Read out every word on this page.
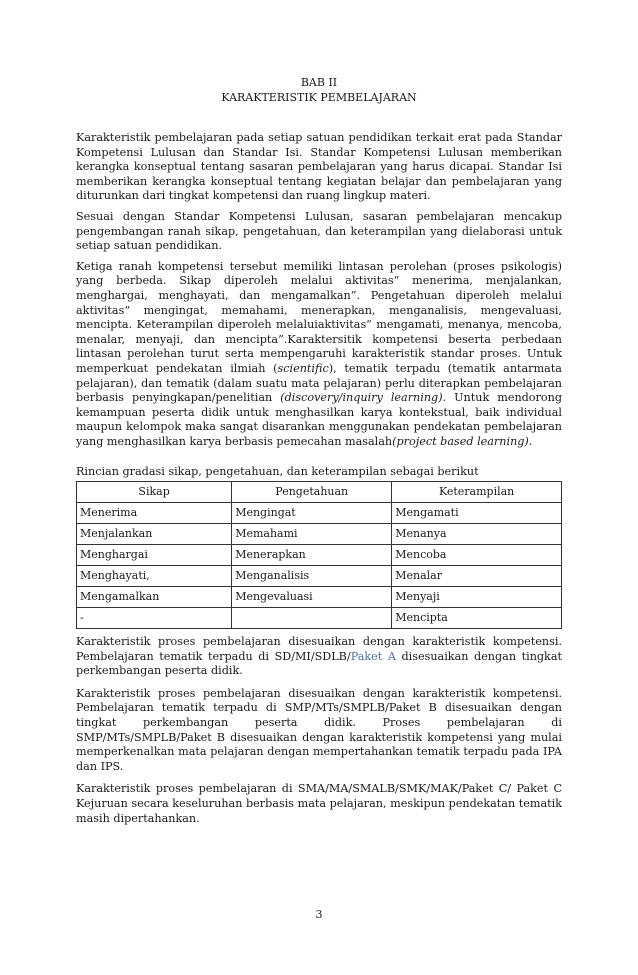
BAB II
KARAKTERISTIK PEMBELAJARAN

Karakteristik pembelajaran pada setiap satuan pendidikan terkait erat pada Standar Kompetensi Lulusan dan Standar Isi. Standar Kompetensi Lulusan memberikan kerangka konseptual tentang sasaran pembelajaran yang harus dicapai. Standar Isi memberikan kerangka konseptual tentang kegiatan belajar dan pembelajaran yang diturunkan dari tingkat kompetensi dan ruang lingkup materi.

Sesuai dengan Standar Kompetensi Lulusan, sasaran pembelajaran mencakup pengembangan ranah sikap, pengetahuan, dan keterampilan yang dielaborasi untuk setiap satuan pendidikan.

Ketiga ranah kompetensi tersebut memiliki lintasan perolehan (proses psikologis) yang berbeda. Sikap diperoleh melalui aktivitas“ menerima, menjalankan, menghargai, menghayati, dan mengamalkan”. Pengetahuan diperoleh melalui aktivitas“ mengingat, memahami, menerapkan, menganalisis, mengevaluasi, mencipta. Keterampilan diperoleh melaluiaktivitas“ mengamati, menanya, mencoba, menalar, menyaji, dan mencipta”.Karaktersitik kompetensi beserta perbedaan lintasan perolehan turut serta mempengaruhi karakteristik standar proses. Untuk memperkuat pendekatan ilmiah (scientific), tematik terpadu (tematik antarmata pelajaran), dan tematik (dalam suatu mata pelajaran) perlu diterapkan pembelajaran berbasis penyingkapan/penelitian (discovery/inquiry learning). Untuk mendorong kemampuan peserta didik untuk menghasilkan karya kontekstual, baik individual maupun kelompok maka sangat disarankan menggunakan pendekatan pembelajaran yang menghasilkan karya berbasis pemecahan masalah(project based learning).

Rincian gradasi sikap, pengetahuan, dan keterampilan sebagai berikut
Sikap	Pengetahuan	Keterampilan
Menerima	Mengingat	Mengamati
Menjalankan	Memahami	Menanya
Menghargai	Menerapkan	Mencoba
Menghayati,	Menganalisis	Menalar
Mengamalkan	Mengevaluasi	Menyaji
-		Mencipta

Karakteristik proses pembelajaran disesuaikan dengan karakteristik kompetensi. Pembelajaran tematik terpadu di SD/MI/SDLB/Paket A disesuaikan dengan tingkat perkembangan peserta didik.

Karakteristik proses pembelajaran disesuaikan dengan karakteristik kompetensi. Pembelajaran tematik terpadu di SMP/MTs/SMPLB/Paket B disesuaikan dengan tingkat perkembangan peserta didik. Proses pembelajaran di SMP/MTs/SMPLB/Paket B disesuaikan dengan karakteristik kompetensi yang mulai memperkenalkan mata pelajaran dengan mempertahankan tematik terpadu pada IPA dan IPS.

Karakteristik proses pembelajaran di SMA/MA/SMALB/SMK/MAK/Paket C/ Paket C Kejuruan secara keseluruhan berbasis mata pelajaran, meskipun pendekatan tematik masih dipertahankan.

3
